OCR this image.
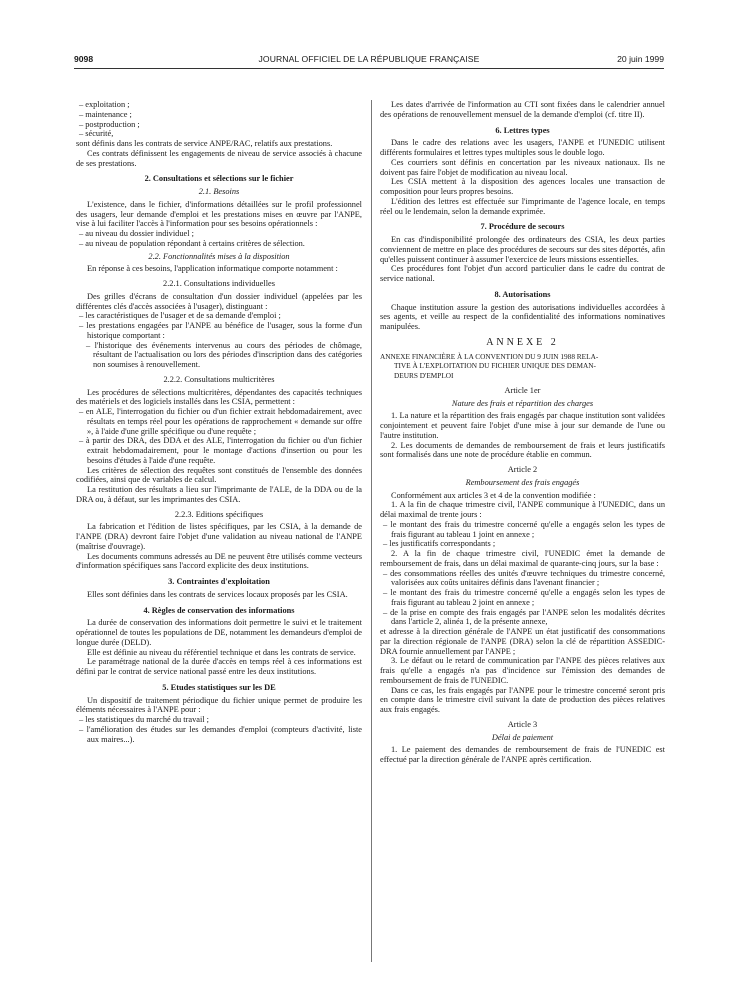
9098	JOURNAL OFFICIEL DE LA RÉPUBLIQUE FRANÇAISE	20 juin 1999
– exploitation ;
– maintenance ;
– postproduction ;
– sécurité,

sont définis dans les contrats de service ANPE/RAC, relatifs aux prestations.

Ces contrats définissent les engagements de niveau de service associés à chacune de ses prestations.

2. Consultations et sélections sur le fichier
2.1. Besoins

L'existence, dans le fichier, d'informations détaillées sur le profil professionnel des usagers, leur demande d'emploi et les prestations mises en œuvre par l'ANPE, vise à lui faciliter l'accès à l'information pour ses besoins opérationnels :

– au niveau du dossier individuel ;
– au niveau de population répondant à certains critères de sélection.
2.2. Fonctionnalités mises à la disposition

En réponse à ces besoins, l'application informatique comporte notamment :

2.2.1. Consultations individuelles

Des grilles d'écrans de consultation d'un dossier individuel (appelées par les différentes clés d'accès associées à l'usager), distinguant :

– les caractéristiques de l'usager et de sa demande d'emploi ;
– les prestations engagées par l'ANPE au bénéfice de l'usager, sous la forme d'un historique comportant :
– l'historique des événements intervenus au cours des périodes de chômage, résultant de l'actualisation ou lors des périodes d'inscription dans des catégories non soumises à renouvellement.
2.2.2. Consultations multicritères

Les procédures de sélections multicritères, dépendantes des capacités techniques des matériels et des logiciels installés dans les CSIA, permettent :

– en ALE, l'interrogation du fichier ou d'un fichier extrait hebdomadairement, avec résultats en temps réel pour les opérations de rapprochement « demande sur offre », à l'aide d'une grille spécifique ou d'une requête ;
– à partir des DRA, des DDA et des ALE, l'interrogation du fichier ou d'un fichier extrait hebdomadairement, pour le montage d'actions d'insertion ou pour les besoins d'études à l'aide d'une requête.

Les critères de sélection des requêtes sont constitués de l'ensemble des données codifiées, ainsi que de variables de calcul.

La restitution des résultats a lieu sur l'imprimante de l'ALE, de la DDA ou de la DRA ou, à défaut, sur les imprimantes des CSIA.

2.2.3. Editions spécifiques

La fabrication et l'édition de listes spécifiques, par les CSIA, à la demande de l'ANPE (DRA) devront faire l'objet d'une validation au niveau national de l'ANPE (maîtrise d'ouvrage).

Les documents communs adressés au DE ne peuvent être utilisés comme vecteurs d'information spécifiques sans l'accord explicite des deux institutions.

3. Contraintes d'exploitation

Elles sont définies dans les contrats de services locaux proposés par les CSIA.

4. Règles de conservation des informations

La durée de conservation des informations doit permettre le suivi et le traitement opérationnel de toutes les populations de DE, notamment les demandeurs d'emploi de longue durée (DELD).

Elle est définie au niveau du référentiel technique et dans les contrats de service.

Le paramétrage national de la durée d'accès en temps réel à ces informations est défini par le contrat de service national passé entre les deux institutions.

5. Etudes statistiques sur les DE

Un dispositif de traitement périodique du fichier unique permet de produire les éléments nécessaires à l'ANPE pour :

– les statistiques du marché du travail ;
– l'amélioration des études sur les demandes d'emploi (compteurs d'activité, liste aux maires...).

Les dates d'arrivée de l'information au CTI sont fixées dans le calendrier annuel des opérations de renouvellement mensuel de la demande d'emploi (cf. titre II).

6. Lettres types

Dans le cadre des relations avec les usagers, l'ANPE et l'UNEDIC utilisent différents formulaires et lettres types multiples sous le double logo.

Ces courriers sont définis en concertation par les niveaux nationaux. Ils ne doivent pas faire l'objet de modification au niveau local.

Les CSIA mettent à la disposition des agences locales une transaction de composition pour leurs propres besoins.

L'édition des lettres est effectuée sur l'imprimante de l'agence locale, en temps réel ou le lendemain, selon la demande exprimée.

7. Procédure de secours

En cas d'indisponibilité prolongée des ordinateurs des CSIA, les deux parties conviennent de mettre en place des procédures de secours sur des sites déportés, afin qu'elles puissent continuer à assumer l'exercice de leurs missions essentielles.

Ces procédures font l'objet d'un accord particulier dans le cadre du contrat de service national.

8. Autorisations

Chaque institution assure la gestion des autorisations individuelles accordées à ses agents, et veille au respect de la confidentialité des informations nominatives manipulées.

ANNEXE 2
ANNEXE FINANCIÈRE À LA CONVENTION DU 9 JUIN 1988 RELA-
TIVE À L'EXPLOITATION DU FICHIER UNIQUE DES DEMAN-
DEURS D'EMPLOI
Article 1er
Nature des frais et répartition des charges

1. La nature et la répartition des frais engagés par chaque institution sont validées conjointement et peuvent faire l'objet d'une mise à jour sur demande de l'une ou l'autre institution.

2. Les documents de demandes de remboursement de frais et leurs justificatifs sont formalisés dans une note de procédure établie en commun.

Article 2
Remboursement des frais engagés

Conformément aux articles 3 et 4 de la convention modifiée :

1. A la fin de chaque trimestre civil, l'ANPE communique à l'UNEDIC, dans un délai maximal de trente jours :

– le montant des frais du trimestre concerné qu'elle a engagés selon les types de frais figurant au tableau 1 joint en annexe ;
– les justificatifs correspondants ;

2. A la fin de chaque trimestre civil, l'UNEDIC émet la demande de remboursement de frais, dans un délai maximal de quarante-cinq jours, sur la base :

– des consommations réelles des unités d'œuvre techniques du trimestre concerné, valorisées aux coûts unitaires définis dans l'avenant financier ;
– le montant des frais du trimestre concerné qu'elle a engagés selon les types de frais figurant au tableau 2 joint en annexe ;
– de la prise en compte des frais engagés par l'ANPE selon les modalités décrites dans l'article 2, alinéa 1, de la présente annexe,

et adresse à la direction générale de l'ANPE un état justificatif des consommations par la direction régionale de l'ANPE (DRA) selon la clé de répartition ASSEDIC-DRA fournie annuellement par l'ANPE ;

3. Le défaut ou le retard de communication par l'ANPE des pièces relatives aux frais qu'elle a engagés n'a pas d'incidence sur l'émission des demandes de remboursement de frais de l'UNEDIC.

Dans ce cas, les frais engagés par l'ANPE pour le trimestre concerné seront pris en compte dans le trimestre civil suivant la date de production des pièces relatives aux frais engagés.

Article 3
Délai de paiement

1. Le paiement des demandes de remboursement de frais de l'UNEDIC est effectué par la direction générale de l'ANPE après certification.
